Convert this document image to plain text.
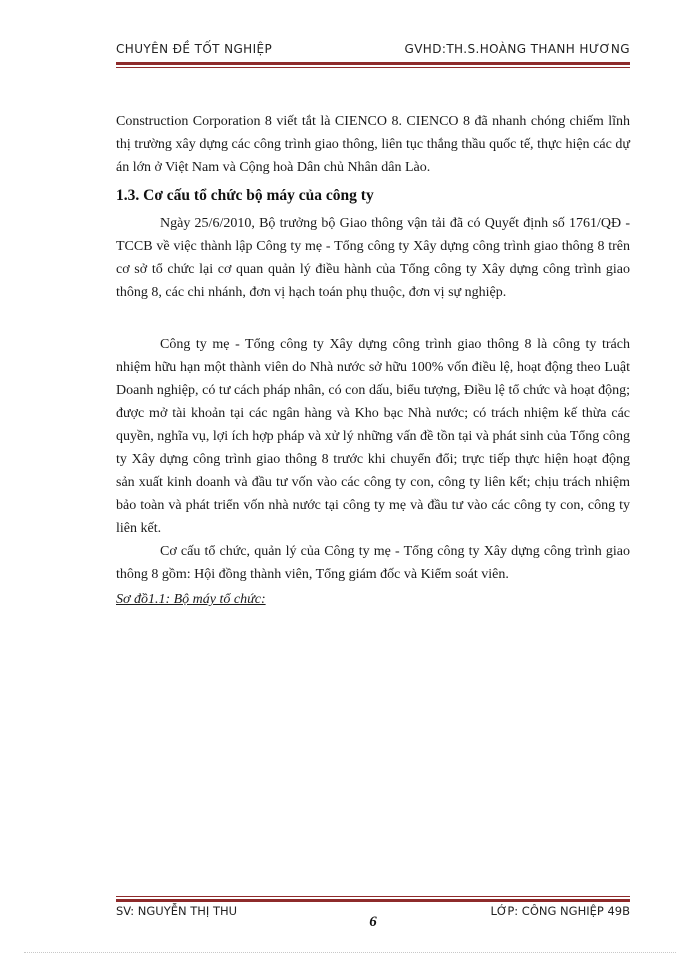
CHUYÊN ĐỀ TỐT NGHIỆP	GVHD:TH.S.HOÀNG THANH HƯƠNG
Construction Corporation 8 viết tắt là CIENCO 8. CIENCO 8 đã nhanh chóng chiếm lĩnh thị trường xây dựng các công trình giao thông, liên tục thắng thầu quốc tế, thực hiện các dự án lớn ở Việt Nam và Cộng hoà Dân chủ Nhân dân Lào.
1.3. Cơ cấu tổ chức bộ máy của công ty
Ngày 25/6/2010, Bộ trưởng bộ Giao thông vận tải đã có Quyết định số 1761/QĐ - TCCB về việc thành lập Công ty mẹ - Tổng công ty Xây dựng công trình giao thông 8 trên cơ sở tổ chức lại cơ quan quản lý điều hành của Tổng công ty Xây dựng công trình giao thông 8, các chi nhánh, đơn vị hạch toán phụ thuộc, đơn vị sự nghiệp.
Công ty mẹ - Tổng công ty Xây dựng công trình giao thông 8 là công ty trách nhiệm hữu hạn một thành viên do Nhà nước sở hữu 100% vốn điều lệ, hoạt động theo Luật Doanh nghiệp, có tư cách pháp nhân, có con dấu, biểu tượng, Điều lệ tổ chức và hoạt động; được mở tài khoản tại các ngân hàng và Kho bạc Nhà nước; có trách nhiệm kế thừa các quyền, nghĩa vụ, lợi ích hợp pháp và xử lý những vấn đề tồn tại và phát sinh của Tổng công ty Xây dựng công trình giao thông 8 trước khi chuyển đổi; trực tiếp thực hiện hoạt động sản xuất kinh doanh và đầu tư vốn vào các công ty con, công ty liên kết; chịu trách nhiệm bảo toàn và phát triển vốn nhà nước tại công ty mẹ và đầu tư vào các công ty con, công ty liên kết.
Cơ cấu tổ chức, quản lý của Công ty mẹ - Tổng công ty Xây dựng công trình giao thông 8 gồm: Hội đồng thành viên, Tổng giám đốc và Kiểm soát viên.
Sơ đồ1.1: Bộ máy tổ chức:
SV: NGUYỄN THỊ THU	LỚP: CÔNG NGHIỆP 49B
6
